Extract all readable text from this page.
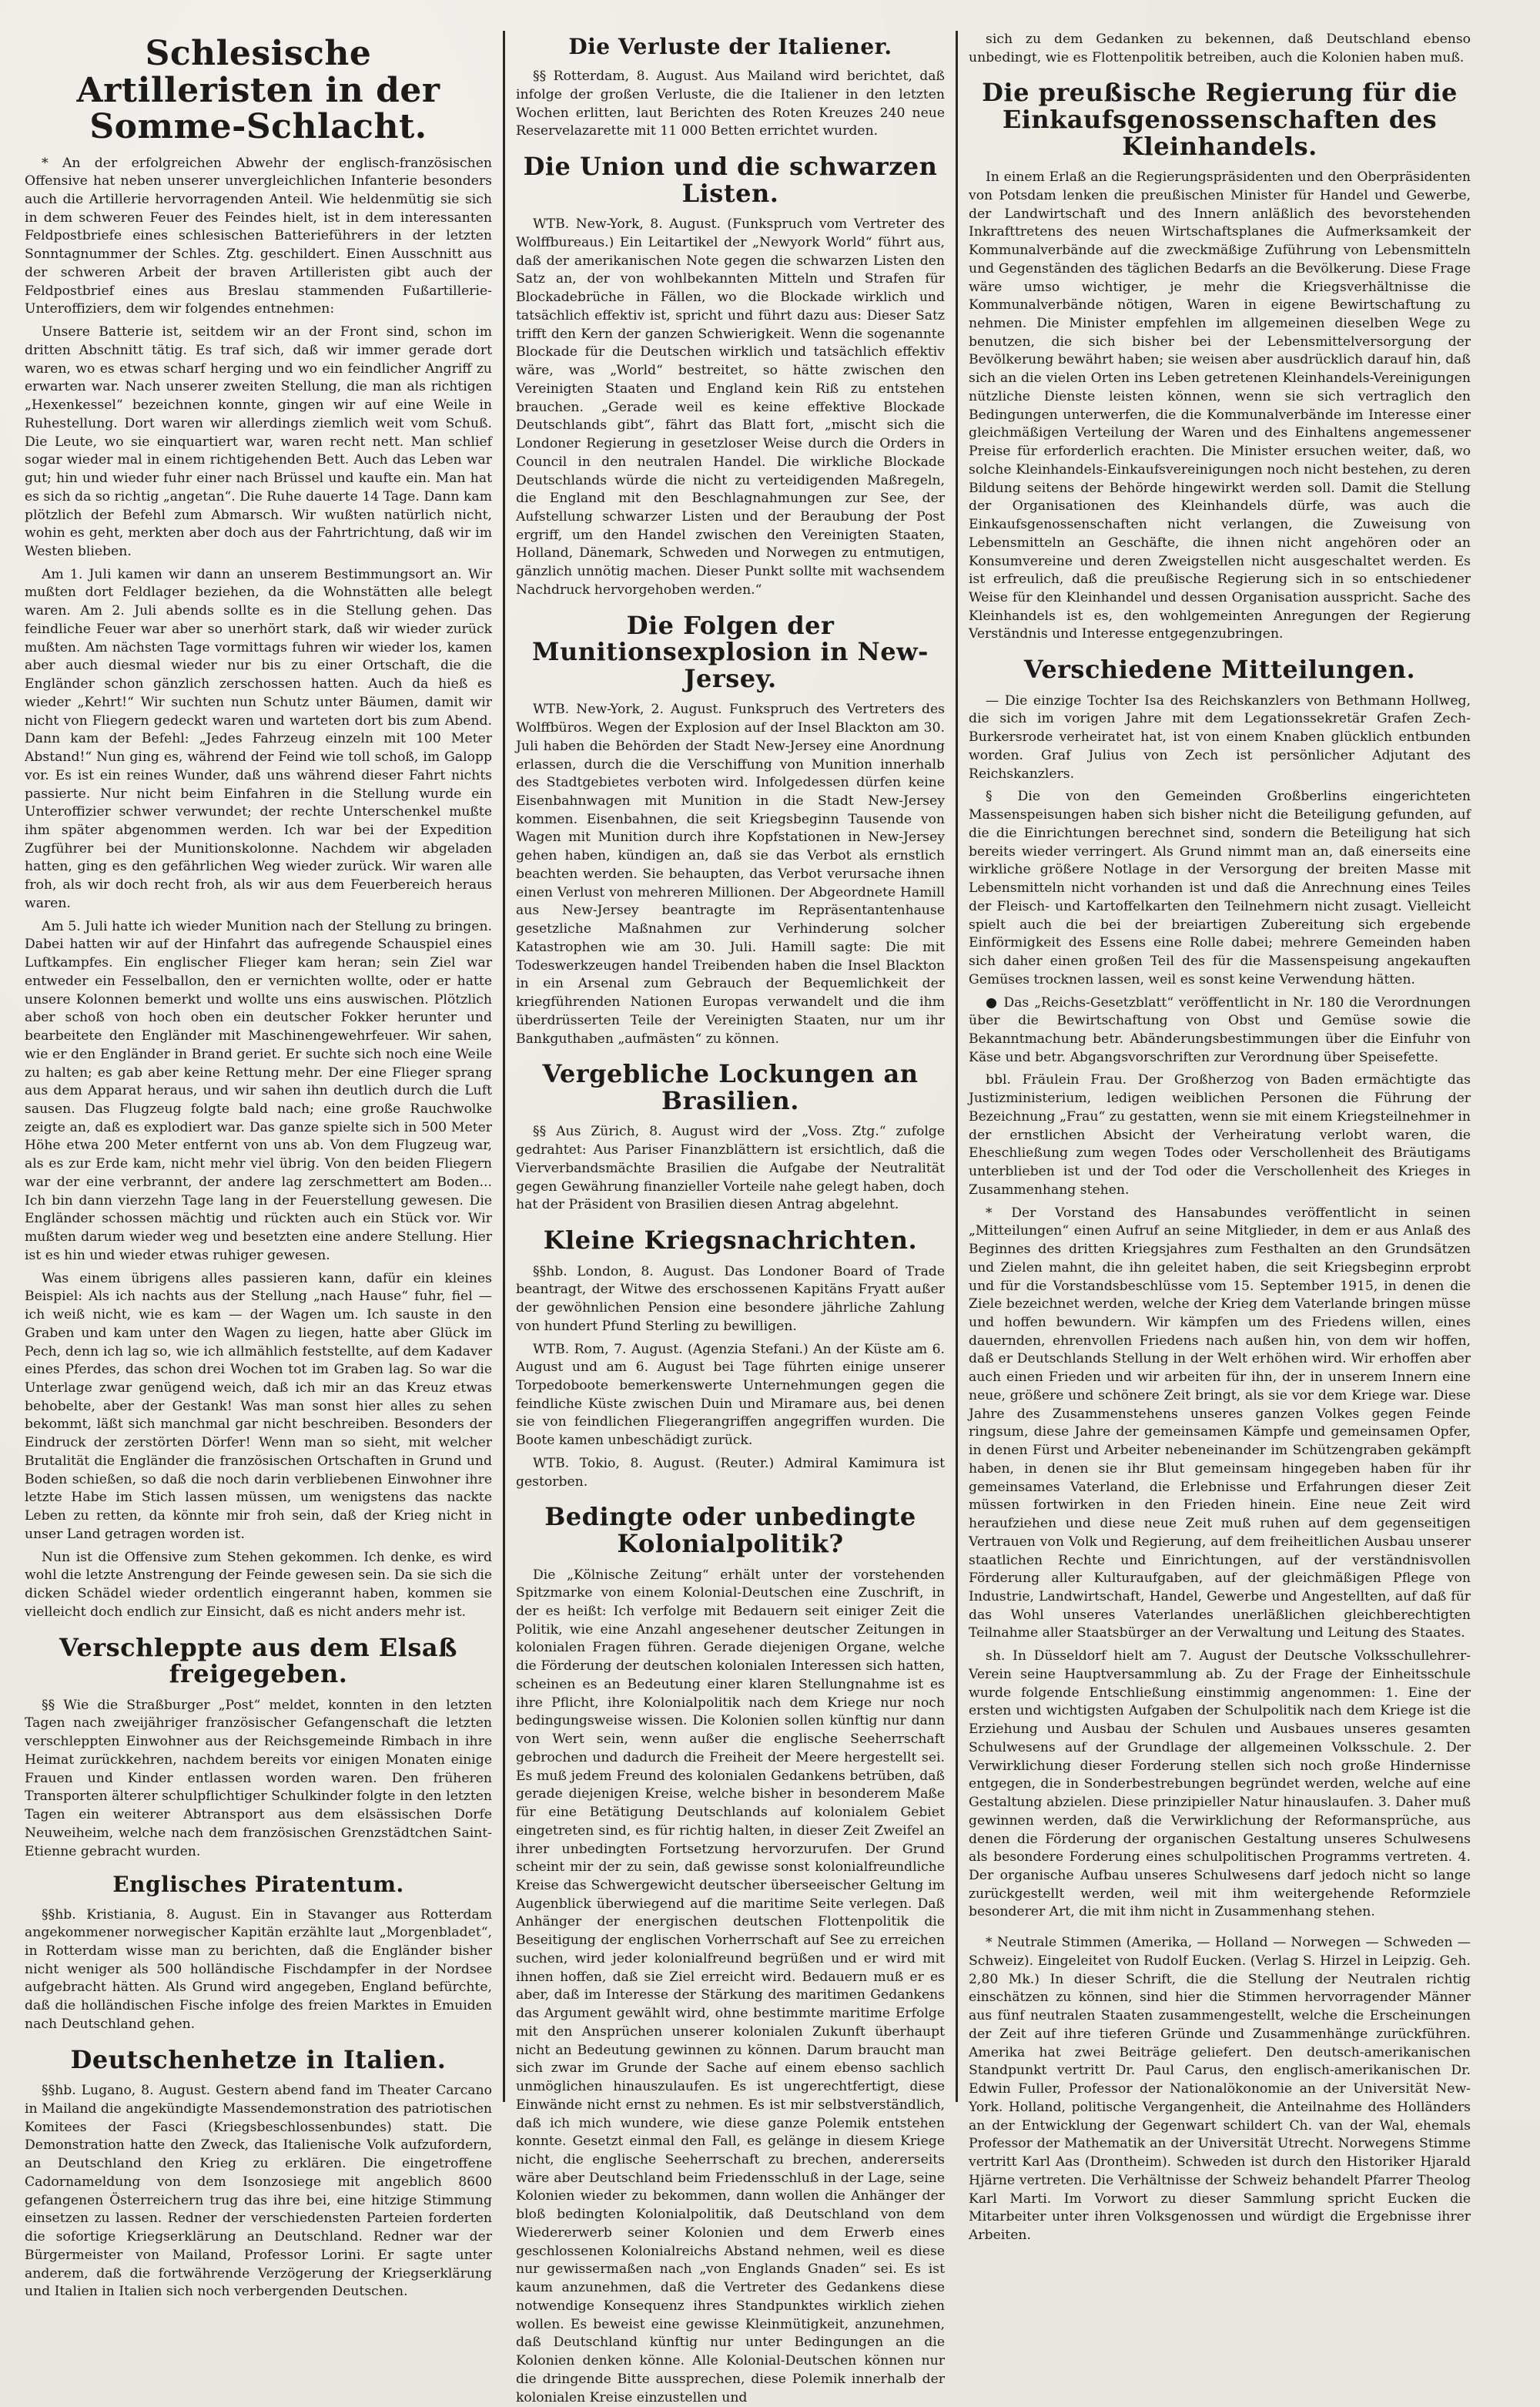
Schlesische Artilleristen in der Somme-Schlacht.

* An der erfolgreichen Abwehr der englisch-französischen Offensive hat neben unserer unvergleichlichen Infanterie besonders auch die Artillerie hervorragenden Anteil. Wie heldenmütig sie sich in dem schweren Feuer des Feindes hielt, ist in dem interessanten Feldpostbriefe eines schlesischen Batterieführers in der letzten Sonntagnummer der Schles. Ztg. geschildert. Einen Ausschnitt aus der schweren Arbeit der braven Artilleristen gibt auch der Feldpostbrief eines aus Breslau stammenden Fußartillerie-Unteroffiziers, dem wir folgendes entnehmen:

Unsere Batterie ist, seitdem wir an der Front sind, schon im dritten Abschnitt tätig. Es traf sich, daß wir immer gerade dort waren, wo es etwas scharf herging und wo ein feindlicher Angriff zu erwarten war. Nach unserer zweiten Stellung, die man als richtigen „Hexenkessel“ bezeichnen konnte, gingen wir auf eine Weile in Ruhestellung. Dort waren wir allerdings ziemlich weit vom Schuß. Die Leute, wo sie einquartiert war, waren recht nett. Man schlief sogar wieder mal in einem richtigehenden Bett. Auch das Leben war gut; hin und wieder fuhr einer nach Brüssel und kaufte ein. Man hat es sich da so richtig „angetan“. Die Ruhe dauerte 14 Tage. Dann kam plötzlich der Befehl zum Abmarsch. Wir wußten natürlich nicht, wohin es geht, merkten aber doch aus der Fahrtrichtung, daß wir im Westen blieben.

Am 1. Juli kamen wir dann an unserem Bestimmungsort an. Wir mußten dort Feldlager beziehen, da die Wohnstätten alle belegt waren. Am 2. Juli abends sollte es in die Stellung gehen. Das feindliche Feuer war aber so unerhört stark, daß wir wieder zurück mußten. Am nächsten Tage vormittags fuhren wir wieder los, kamen aber auch diesmal wieder nur bis zu einer Ortschaft, die die Engländer schon gänzlich zerschossen hatten. Auch da hieß es wieder „Kehrt!“ Wir suchten nun Schutz unter Bäumen, damit wir nicht von Fliegern gedeckt waren und warteten dort bis zum Abend. Dann kam der Befehl: „Jedes Fahrzeug einzeln mit 100 Meter Abstand!“ Nun ging es, während der Feind wie toll schoß, im Galopp vor. Es ist ein reines Wunder, daß uns während dieser Fahrt nichts passierte. Nur nicht beim Einfahren in die Stellung wurde ein Unteroffizier schwer verwundet; der rechte Unterschenkel mußte ihm später abgenommen werden. Ich war bei der Expedition Zugführer bei der Munitionskolonne. Nachdem wir abgeladen hatten, ging es den gefährlichen Weg wieder zurück. Wir waren alle froh, als wir doch recht froh, als wir aus dem Feuerbereich heraus waren.

Am 5. Juli hatte ich wieder Munition nach der Stellung zu bringen. Dabei hatten wir auf der Hinfahrt das aufregende Schauspiel eines Luftkampfes. Ein englischer Flieger kam heran; sein Ziel war entweder ein Fesselballon, den er vernichten wollte, oder er hatte unsere Kolonnen bemerkt und wollte uns eins auswischen. Plötzlich aber schoß von hoch oben ein deutscher Fokker herunter und bearbeitete den Engländer mit Maschinengewehrfeuer. Wir sahen, wie er den Engländer in Brand geriet. Er suchte sich noch eine Weile zu halten; es gab aber keine Rettung mehr. Der eine Flieger sprang aus dem Apparat heraus, und wir sahen ihn deutlich durch die Luft sausen. Das Flugzeug folgte bald nach; eine große Rauchwolke zeigte an, daß es explodiert war. Das ganze spielte sich in 500 Meter Höhe etwa 200 Meter entfernt von uns ab. Von dem Flugzeug war, als es zur Erde kam, nicht mehr viel übrig. Von den beiden Fliegern war der eine verbrannt, der andere lag zerschmettert am Boden... Ich bin dann vierzehn Tage lang in der Feuerstellung gewesen. Die Engländer schossen mächtig und rückten auch ein Stück vor. Wir mußten darum wieder weg und besetzten eine andere Stellung. Hier ist es hin und wieder etwas ruhiger gewesen.

Was einem übrigens alles passieren kann, dafür ein kleines Beispiel: Als ich nachts aus der Stellung „nach Hause“ fuhr, fiel — ich weiß nicht, wie es kam — der Wagen um. Ich sauste in den Graben und kam unter den Wagen zu liegen, hatte aber Glück im Pech, denn ich lag so, wie ich allmählich feststellte, auf dem Kadaver eines Pferdes, das schon drei Wochen tot im Graben lag. So war die Unterlage zwar genügend weich, daß ich mir an das Kreuz etwas behobelte, aber der Gestank! Was man sonst hier alles zu sehen bekommt, läßt sich manchmal gar nicht beschreiben. Besonders der Eindruck der zerstörten Dörfer! Wenn man so sieht, mit welcher Brutalität die Engländer die französischen Ortschaften in Grund und Boden schießen, so daß die noch darin verbliebenen Einwohner ihre letzte Habe im Stich lassen müssen, um wenigstens das nackte Leben zu retten, da könnte mir froh sein, daß der Krieg nicht in unser Land getragen worden ist.

Nun ist die Offensive zum Stehen gekommen. Ich denke, es wird wohl die letzte Anstrengung der Feinde gewesen sein. Da sie sich die dicken Schädel wieder ordentlich eingerannt haben, kommen sie vielleicht doch endlich zur Einsicht, daß es nicht anders mehr ist.

Verschleppte aus dem Elsaß freigegeben.

§§ Wie die Straßburger „Post“ meldet, konnten in den letzten Tagen nach zweijähriger französischer Gefangenschaft die letzten verschleppten Einwohner aus der Reichsgemeinde Rimbach in ihre Heimat zurückkehren, nachdem bereits vor einigen Monaten einige Frauen und Kinder entlassen worden waren. Den früheren Transporten älterer schulpflichtiger Schulkinder folgte in den letzten Tagen ein weiterer Abtransport aus dem elsässischen Dorfe Neuweiheim, welche nach dem französischen Grenzstädtchen Saint-Etienne gebracht wurden.

Englisches Piratentum.

§§hb. Kristiania, 8. August. Ein in Stavanger aus Rotterdam angekommener norwegischer Kapitän erzählte laut „Morgenbladet“, in Rotterdam wisse man zu berichten, daß die Engländer bisher nicht weniger als 500 holländische Fischdampfer in der Nordsee aufgebracht hätten. Als Grund wird angegeben, England befürchte, daß die holländischen Fische infolge des freien Marktes in Emuiden nach Deutschland gehen.

Deutschenhetze in Italien.

§§hb. Lugano, 8. August. Gestern abend fand im Theater Carcano in Mailand die angekündigte Massendemonstration des patriotischen Komitees der Fasci (Kriegsbeschlossenbundes) statt. Die Demonstration hatte den Zweck, das Italienische Volk aufzufordern, an Deutschland den Krieg zu erklären. Die eingetroffene Cadornameldung von dem Isonzosiege mit angeblich 8600 gefangenen Österreichern trug das ihre bei, eine hitzige Stimmung einsetzen zu lassen. Redner der verschiedensten Parteien forderten die sofortige Kriegserklärung an Deutschland. Redner war der Bürgermeister von Mailand, Professor Lorini. Er sagte unter anderem, daß die fortwährende Verzögerung der Kriegserklärung und Italien in Italien sich noch verbergenden Deutschen.

Die Verluste der Italiener.

§§ Rotterdam, 8. August. Aus Mailand wird berichtet, daß infolge der großen Verluste, die die Italiener in den letzten Wochen erlitten, laut Berichten des Roten Kreuzes 240 neue Reservelazarette mit 11 000 Betten errichtet wurden.

Die Union und die schwarzen Listen.

WTB. New-York, 8. August. (Funkspruch vom Vertreter des Wolffbureaus.) Ein Leitartikel der „Newyork World“ führt aus, daß der amerikanischen Note gegen die schwarzen Listen den Satz an, der von wohlbekannten Mitteln und Strafen für Blockadebrüche in Fällen, wo die Blockade wirklich und tatsächlich effektiv ist, spricht und führt dazu aus: Dieser Satz trifft den Kern der ganzen Schwierigkeit. Wenn die sogenannte Blockade für die Deutschen wirklich und tatsächlich effektiv wäre, was „World“ bestreitet, so hätte zwischen den Vereinigten Staaten und England kein Riß zu entstehen brauchen. „Gerade weil es keine effektive Blockade Deutschlands gibt“, fährt das Blatt fort, „mischt sich die Londoner Regierung in gesetzloser Weise durch die Orders in Council in den neutralen Handel. Die wirkliche Blockade Deutschlands würde die nicht zu verteidigenden Maßregeln, die England mit den Beschlagnahmungen zur See, der Aufstellung schwarzer Listen und der Beraubung der Post ergriff, um den Handel zwischen den Vereinigten Staaten, Holland, Dänemark, Schweden und Norwegen zu entmutigen, gänzlich unnötig machen. Dieser Punkt sollte mit wachsendem Nachdruck hervorgehoben werden.“

Die Folgen der Munitionsexplosion in New-Jersey.

WTB. New-York, 2. August. Funkspruch des Vertreters des Wolffbüros. Wegen der Explosion auf der Insel Blackton am 30. Juli haben die Behörden der Stadt New-Jersey eine Anordnung erlassen, durch die die Verschiffung von Munition innerhalb des Stadtgebietes verboten wird. Infolgedessen dürfen keine Eisenbahnwagen mit Munition in die Stadt New-Jersey kommen. Eisenbahnen, die seit Kriegsbeginn Tausende von Wagen mit Munition durch ihre Kopfstationen in New-Jersey gehen haben, kündigen an, daß sie das Verbot als ernstlich beachten werden. Sie behaupten, das Verbot verursache ihnen einen Verlust von mehreren Millionen. Der Abgeordnete Hamill aus New-Jersey beantragte im Repräsentantenhause gesetzliche Maßnahmen zur Verhinderung solcher Katastrophen wie am 30. Juli. Hamill sagte: Die mit Todeswerkzeugen handel Treibenden haben die Insel Blackton in ein Arsenal zum Gebrauch der Bequemlichkeit der kriegführenden Nationen Europas verwandelt und die ihm überdrüsserten Teile der Vereinigten Staaten, nur um ihr Bankguthaben „aufmästen“ zu können.

Vergebliche Lockungen an Brasilien.

§§ Aus Zürich, 8. August wird der „Voss. Ztg.“ zufolge gedrahtet: Aus Pariser Finanzblättern ist ersichtlich, daß die Vierverbandsmächte Brasilien die Aufgabe der Neutralität gegen Gewährung finanzieller Vorteile nahe gelegt haben, doch hat der Präsident von Brasilien diesen Antrag abgelehnt.

Kleine Kriegsnachrichten.

§§hb. London, 8. August. Das Londoner Board of Trade beantragt, der Witwe des erschossenen Kapitäns Fryatt außer der gewöhnlichen Pension eine besondere jährliche Zahlung von hundert Pfund Sterling zu bewilligen.

WTB. Rom, 7. August. (Agenzia Stefani.) An der Küste am 6. August und am 6. August bei Tage führten einige unserer Torpedoboote bemerkenswerte Unternehmungen gegen die feindliche Küste zwischen Duin und Miramare aus, bei denen sie von feindlichen Fliegerangriffen angegriffen wurden. Die Boote kamen unbeschädigt zurück.

WTB. Tokio, 8. August. (Reuter.) Admiral Kamimura ist gestorben.

Bedingte oder unbedingte Kolonialpolitik?

Die „Kölnische Zeitung“ erhält unter der vorstehenden Spitzmarke von einem Kolonial-Deutschen eine Zuschrift, in der es heißt: Ich verfolge mit Bedauern seit einiger Zeit die Politik, wie eine Anzahl angesehener deutscher Zeitungen in kolonialen Fragen führen. Gerade diejenigen Organe, welche die Förderung der deutschen kolonialen Interessen sich hatten, scheinen es an Bedeutung einer klaren Stellungnahme ist es ihre Pflicht, ihre Kolonialpolitik nach dem Kriege nur noch bedingungsweise wissen. Die Kolonien sollen künftig nur dann von Wert sein, wenn außer die englische Seeherrschaft gebrochen und dadurch die Freiheit der Meere hergestellt sei. Es muß jedem Freund des kolonialen Gedankens betrüben, daß gerade diejenigen Kreise, welche bisher in besonderem Maße für eine Betätigung Deutschlands auf kolonialem Gebiet eingetreten sind, es für richtig halten, in dieser Zeit Zweifel an ihrer unbedingten Fortsetzung hervorzurufen. Der Grund scheint mir der zu sein, daß gewisse sonst kolonialfreundliche Kreise das Schwergewicht deutscher überseeischer Geltung im Augenblick überwiegend auf die maritime Seite verlegen. Daß Anhänger der energischen deutschen Flottenpolitik die Beseitigung der englischen Vorherrschaft auf See zu erreichen suchen, wird jeder kolonialfreund begrüßen und er wird mit ihnen hoffen, daß sie Ziel erreicht wird. Bedauern muß er es aber, daß im Interesse der Stärkung des maritimen Gedankens das Argument gewählt wird, ohne bestimmte maritime Erfolge mit den Ansprüchen unserer kolonialen Zukunft überhaupt nicht an Bedeutung gewinnen zu können. Darum braucht man sich zwar im Grunde der Sache auf einem ebenso sachlich unmöglichen hinauszulaufen. Es ist ungerechtfertigt, diese Einwände nicht ernst zu nehmen. Es ist mir selbstverständlich, daß ich mich wundere, wie diese ganze Polemik entstehen konnte. Gesetzt einmal den Fall, es gelänge in diesem Kriege nicht, die englische Seeherrschaft zu brechen, andererseits wäre aber Deutschland beim Friedensschluß in der Lage, seine Kolonien wieder zu bekommen, dann wollen die Anhänger der bloß bedingten Kolonialpolitik, daß Deutschland von dem Wiedererwerb seiner Kolonien und dem Erwerb eines geschlossenen Kolonialreichs Abstand nehmen, weil es diese nur gewissermaßen nach „von Englands Gnaden“ sei. Es ist kaum anzunehmen, daß die Vertreter des Gedankens diese notwendige Konsequenz ihres Standpunktes wirklich ziehen wollen. Es beweist eine gewisse Kleinmütigkeit, anzunehmen, daß Deutschland künftig nur unter Bedingungen an die Kolonien denken könne. Alle Kolonial-Deutschen können nur die dringende Bitte aussprechen, diese Polemik innerhalb der kolonialen Kreise einzustellen und

sich zu dem Gedanken zu bekennen, daß Deutschland ebenso unbedingt, wie es Flottenpolitik betreiben, auch die Kolonien haben muß.

Die preußische Regierung für die Einkaufsgenossenschaften des Kleinhandels.

In einem Erlaß an die Regierungspräsidenten und den Oberpräsidenten von Potsdam lenken die preußischen Minister für Handel und Gewerbe, der Landwirtschaft und des Innern anläßlich des bevorstehenden Inkrafttretens des neuen Wirtschaftsplanes die Aufmerksamkeit der Kommunalverbände auf die zweckmäßige Zuführung von Lebensmitteln und Gegenständen des täglichen Bedarfs an die Bevölkerung. Diese Frage wäre umso wichtiger, je mehr die Kriegsverhältnisse die Kommunalverbände nötigen, Waren in eigene Bewirtschaftung zu nehmen. Die Minister empfehlen im allgemeinen dieselben Wege zu benutzen, die sich bisher bei der Lebensmittelversorgung der Bevölkerung bewährt haben; sie weisen aber ausdrücklich darauf hin, daß sich an die vielen Orten ins Leben getretenen Kleinhandels-Vereinigungen nützliche Dienste leisten können, wenn sie sich vertraglich den Bedingungen unterwerfen, die die Kommunalverbände im Interesse einer gleichmäßigen Verteilung der Waren und des Einhaltens angemessener Preise für erforderlich erachten. Die Minister ersuchen weiter, daß, wo solche Kleinhandels-Einkaufsvereinigungen noch nicht bestehen, zu deren Bildung seitens der Behörde hingewirkt werden soll. Damit die Stellung der Organisationen des Kleinhandels dürfe, was auch die Einkaufsgenossenschaften nicht verlangen, die Zuweisung von Lebensmitteln an Geschäfte, die ihnen nicht angehören oder an Konsumvereine und deren Zweigstellen nicht ausgeschaltet werden. Es ist erfreulich, daß die preußische Regierung sich in so entschiedener Weise für den Kleinhandel und dessen Organisation ausspricht. Sache des Kleinhandels ist es, den wohlgemeinten Anregungen der Regierung Verständnis und Interesse entgegenzubringen.

Verschiedene Mitteilungen.

— Die einzige Tochter Isa des Reichskanzlers von Bethmann Hollweg, die sich im vorigen Jahre mit dem Legationssekretär Grafen Zech-Burkersrode verheiratet hat, ist von einem Knaben glücklich entbunden worden. Graf Julius von Zech ist persönlicher Adjutant des Reichskanzlers.

§ Die von den Gemeinden Großberlins eingerichteten Massenspeisungen haben sich bisher nicht die Beteiligung gefunden, auf die die Einrichtungen berechnet sind, sondern die Beteiligung hat sich bereits wieder verringert. Als Grund nimmt man an, daß einerseits eine wirkliche größere Notlage in der Versorgung der breiten Masse mit Lebensmitteln nicht vorhanden ist und daß die Anrechnung eines Teiles der Fleisch- und Kartoffelkarten den Teilnehmern nicht zusagt. Vielleicht spielt auch die bei der breiartigen Zubereitung sich ergebende Einförmigkeit des Essens eine Rolle dabei; mehrere Gemeinden haben sich daher einen großen Teil des für die Massenspeisung angekauften Gemüses trocknen lassen, weil es sonst keine Verwendung hätten.

● Das „Reichs-Gesetzblatt“ veröffentlicht in Nr. 180 die Verordnungen über die Bewirtschaftung von Obst und Gemüse sowie die Bekanntmachung betr. Abänderungsbestimmungen über die Einfuhr von Käse und betr. Abgangsvorschriften zur Verordnung über Speisefette.

bbl. Fräulein Frau. Der Großherzog von Baden ermächtigte das Justizministerium, ledigen weiblichen Personen die Führung der Bezeichnung „Frau“ zu gestatten, wenn sie mit einem Kriegsteilnehmer in der ernstlichen Absicht der Verheiratung verlobt waren, die Eheschließung zum wegen Todes oder Verschollenheit des Bräutigams unterblieben ist und der Tod oder die Verschollenheit des Krieges in Zusammenhang stehen.

* Der Vorstand des Hansabundes veröffentlicht in seinen „Mitteilungen“ einen Aufruf an seine Mitglieder, in dem er aus Anlaß des Beginnes des dritten Kriegsjahres zum Festhalten an den Grundsätzen und Zielen mahnt, die ihn geleitet haben, die seit Kriegsbeginn erprobt und für die Vorstandsbeschlüsse vom 15. September 1915, in denen die Ziele bezeichnet werden, welche der Krieg dem Vaterlande bringen müsse und hoffen bewundern. Wir kämpfen um des Friedens willen, eines dauernden, ehrenvollen Friedens nach außen hin, von dem wir hoffen, daß er Deutschlands Stellung in der Welt erhöhen wird. Wir erhoffen aber auch einen Frieden und wir arbeiten für ihn, der in unserem Innern eine neue, größere und schönere Zeit bringt, als sie vor dem Kriege war. Diese Jahre des Zusammenstehens unseres ganzen Volkes gegen Feinde ringsum, diese Jahre der gemeinsamen Kämpfe und gemeinsamen Opfer, in denen Fürst und Arbeiter nebeneinander im Schützengraben gekämpft haben, in denen sie ihr Blut gemeinsam hingegeben haben für ihr gemeinsames Vaterland, die Erlebnisse und Erfahrungen dieser Zeit müssen fortwirken in den Frieden hinein. Eine neue Zeit wird heraufziehen und diese neue Zeit muß ruhen auf dem gegenseitigen Vertrauen von Volk und Regierung, auf dem freiheitlichen Ausbau unserer staatlichen Rechte und Einrichtungen, auf der verständnisvollen Förderung aller Kulturaufgaben, auf der gleichmäßigen Pflege von Industrie, Landwirtschaft, Handel, Gewerbe und Angestellten, auf daß für das Wohl unseres Vaterlandes unerläßlichen gleichberechtigten Teilnahme aller Staatsbürger an der Verwaltung und Leitung des Staates.

sh. In Düsseldorf hielt am 7. August der Deutsche Volksschullehrer-Verein seine Hauptversammlung ab. Zu der Frage der Einheitsschule wurde folgende Entschließung einstimmig angenommen: 1. Eine der ersten und wichtigsten Aufgaben der Schulpolitik nach dem Kriege ist die Erziehung und Ausbau der Schulen und Ausbaues unseres gesamten Schulwesens auf der Grundlage der allgemeinen Volksschule. 2. Der Verwirklichung dieser Forderung stellen sich noch große Hindernisse entgegen, die in Sonderbestrebungen begründet werden, welche auf eine Gestaltung abzielen. Diese prinzipieller Natur hinauslaufen. 3. Daher muß gewinnen werden, daß die Verwirklichung der Reformansprüche, aus denen die Förderung der organischen Gestaltung unseres Schulwesens als besondere Forderung eines schulpolitischen Programms vertreten. 4. Der organische Aufbau unseres Schulwesens darf jedoch nicht so lange zurückgestellt werden, weil mit ihm weitergehende Reformziele besonderer Art, die mit ihm nicht in Zusammenhang stehen.

* Neutrale Stimmen (Amerika, — Holland — Norwegen — Schweden — Schweiz). Eingeleitet von Rudolf Eucken. (Verlag S. Hirzel in Leipzig. Geh. 2,80 Mk.) In dieser Schrift, die die Stellung der Neutralen richtig einschätzen zu können, sind hier die Stimmen hervorragender Männer aus fünf neutralen Staaten zusammengestellt, welche die Erscheinungen der Zeit auf ihre tieferen Gründe und Zusammenhänge zurückführen. Amerika hat zwei Beiträge geliefert. Den deutsch-amerikanischen Standpunkt vertritt Dr. Paul Carus, den englisch-amerikanischen Dr. Edwin Fuller, Professor der Nationalökonomie an der Universität New-York. Holland, politische Vergangenheit, die Anteilnahme des Holländers an der Entwicklung der Gegenwart schildert Ch. van der Wal, ehemals Professor der Mathematik an der Universität Utrecht. Norwegens Stimme vertritt Karl Aas (Drontheim). Schweden ist durch den Historiker Hjarald Hjärne vertreten. Die Verhältnisse der Schweiz behandelt Pfarrer Theolog Karl Marti. Im Vorwort zu dieser Sammlung spricht Eucken die Mitarbeiter unter ihren Volksgenossen und würdigt die Ergebnisse ihrer Arbeiten.
